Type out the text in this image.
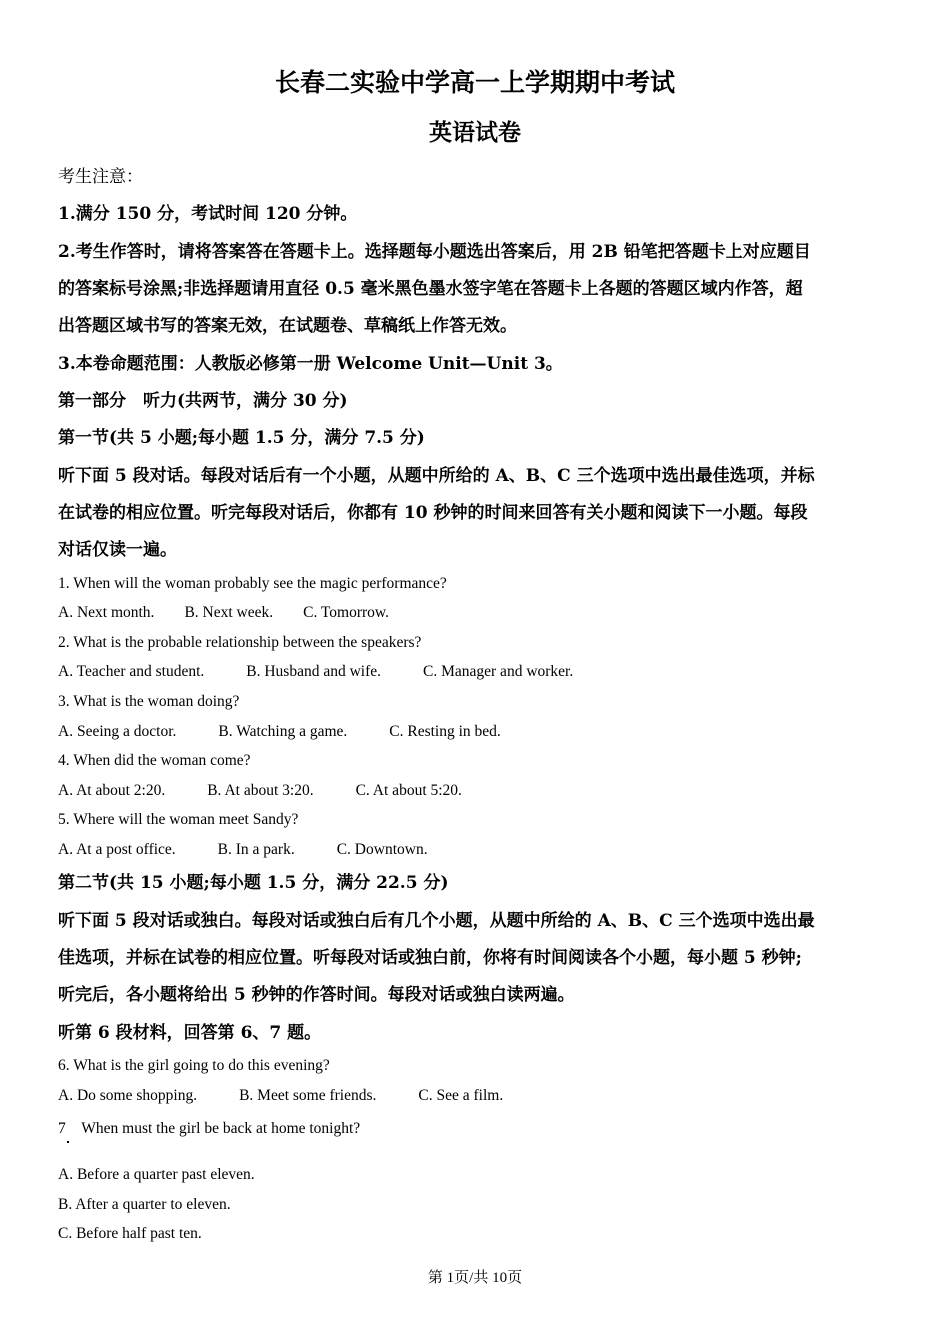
长春二实验中学高一上学期期中考试
英语试卷
考生注意：
1.满分 150 分，考试时间 120 分钟。
2.考生作答时，请将答案答在答题卡上。选择题每小题选出答案后，用 2B 铅笔把答题卡上对应题目
的答案标号涂黑;非选择题请用直径 0.5 毫米黑色墨水签字笔在答题卡上各题的答题区域内作答，超
出答题区域书写的答案无效，在试题卷、草稿纸上作答无效。
3.本卷命题范围：人教版必修第一册 Welcome Unit—Unit 3。
第一部分　听力(共两节，满分 30 分)
第一节(共 5 小题;每小题 1.5 分，满分 7.5 分)
听下面 5 段对话。每段对话后有一个小题，从题中所给的 A、B、C 三个选项中选出最佳选项，并标
在试卷的相应位置。听完每段对话后，你都有 10 秒钟的时间来回答有关小题和阅读下一小题。每段
对话仅读一遍。
1. When will the woman probably see the magic performance?
A. Next month. B. Next week. C. Tomorrow.
2. What is the probable relationship between the speakers?
A. Teacher and student.	B. Husband and wife.	C. Manager and worker.
3. What is the woman doing?
A. Seeing a doctor.	B. Watching a game.	C. Resting in bed.
4. When did the woman come?
A. At about 2:20.	B. At about 3:20.	C. At about 5:20.
5. Where will the woman meet Sandy?
A. At a post office.	B. In a park.	C. Downtown.
第二节(共 15 小题;每小题 1.5 分，满分 22.5 分)
听下面 5 段对话或独白。每段对话或独白后有几个小题，从题中所给的 A、B、C 三个选项中选出最
佳选项，并标在试卷的相应位置。听每段对话或独白前，你将有时间阅读各个小题，每小题 5 秒钟;
听完后，各小题将给出 5 秒钟的作答时间。每段对话或独白读两遍。
听第 6 段材料，回答第 6、7 题。
6. What is the girl going to do this evening?
A. Do some shopping.	B. Meet some friends.	C. See a film.
7　When must the girl be back at home tonight?
A. Before a quarter past eleven.
B. After a quarter to eleven.
C. Before half past ten.
第 1页/共 10页
